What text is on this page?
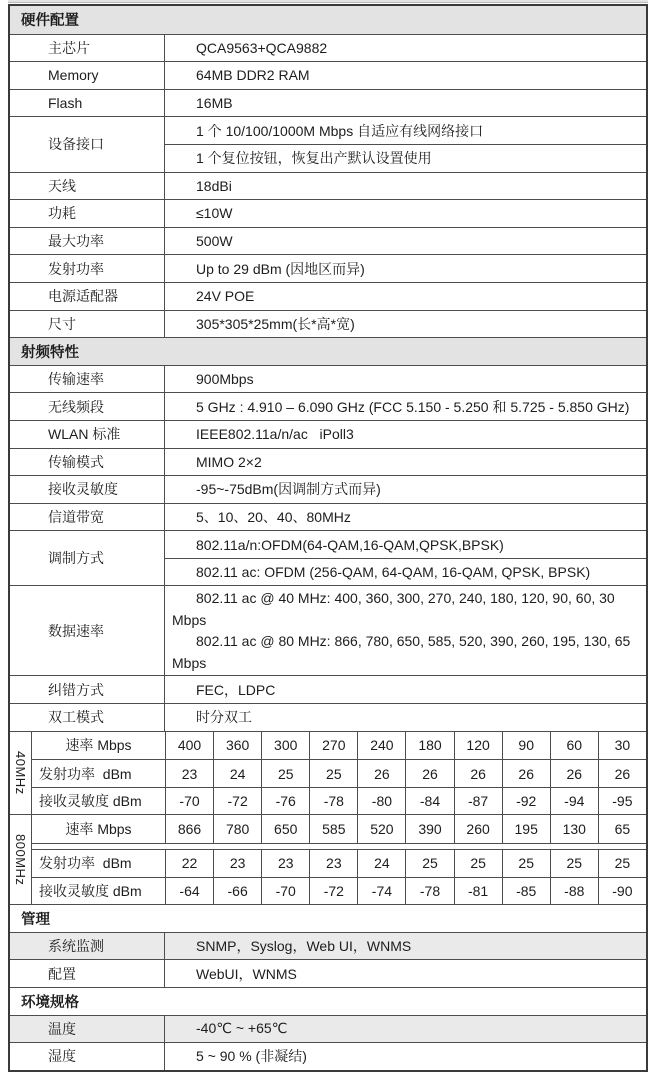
硬件配置
主芯片	QCA9563+QCA9882
Memory	64MB DDR2 RAM
Flash	16MB
设备接口
1 个 10/100/1000M Mbps 自适应有线网络接口
1 个复位按钮，恢复出产默认设置使用
天线	18dBi
功耗	≤10W
最大功率	500W
发射功率	Up to 29 dBm (因地区而异)
电源适配器	24V POE
尺寸	305*305*25mm(长*高*宽)
射频特性
传输速率	900Mbps
无线频段	5 GHz : 4.910 – 6.090 GHz (FCC 5.150 - 5.250 和 5.725 - 5.850 GHz)
WLAN 标准	IEEE802.11a/n/ac   iPoll3
传输模式	MIMO 2×2
接收灵敏度	-95~-75dBm(因调制方式而异)
信道带宽	5、10、20、40、80MHz
调制方式
802.11a/n:OFDM(64-QAM,16-QAM,QPSK,BPSK)
802.11 ac: OFDM (256-QAM, 64-QAM, 16-QAM, QPSK, BPSK)
数据速率
802.11 ac @ 40 MHz: 400, 360, 300, 270, 240, 180, 120, 90, 60, 30 Mbps
802.11 ac @ 80 MHz: 866, 780, 650, 585, 520, 390, 260, 195, 130, 65 Mbps
纠错方式	FEC，LDPC
双工模式	时分双工
40MHz
速率 Mbps	400 360 300 270 240 180 120 90 60 30
发射功率  dBm	23 24 25 25 26 26 26 26 26 26
接收灵敏度 dBm	-70 -72 -76 -78 -80 -84 -87 -92 -94 -95
800MHz
速率 Mbps	866 780 650 585 520 390 260 195 130 65
发射功率  dBm	22 23 23 23 24 25 25 25 25 25
接收灵敏度 dBm	-64 -66 -70 -72 -74 -78 -81 -85 -88 -90
管理
系统监测	SNMP，Syslog，Web UI，WNMS
配置	WebUI，WNMS
环境规格
温度	-40℃ ~ +65℃
湿度	5 ~ 90 % (非凝结)
